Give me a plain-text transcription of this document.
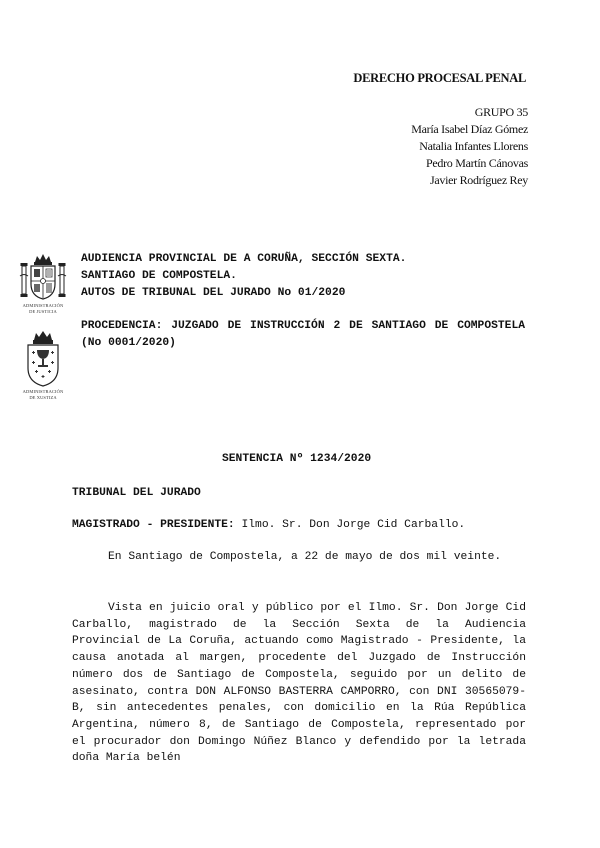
DERECHO PROCESAL PENAL
GRUPO 35
María Isabel Díaz Gómez
Natalia Infantes Llorens
Pedro Martín Cánovas
Javier Rodríguez Rey
ADMINISTRACIÓN
DE JUSTICIA
ADMINISTRACIÓN
DE XUSTIZA
AUDIENCIA PROVINCIAL DE A CORUÑA, SECCIÓN SEXTA.
SANTIAGO DE COMPOSTELA.
AUTOS DE TRIBUNAL DEL JURADO No 01/2020
PROCEDENCIA: JUZGADO DE INSTRUCCIÓN 2 DE SANTIAGO DE COMPOSTELA (No 0001/2020)
SENTENCIA Nº 1234/2020
TRIBUNAL DEL JURADO
MAGISTRADO - PRESIDENTE: Ilmo. Sr. Don Jorge Cid Carballo.
En Santiago de Compostela, a 22 de mayo de dos mil veinte.
Vista en juicio oral y público por el Ilmo. Sr. Don Jorge Cid Carballo, magistrado de la Sección Sexta de la Audiencia Provincial de La Coruña, actuando como Magistrado - Presidente, la causa anotada al margen, procedente del Juzgado de Instrucción número dos de Santiago de Compostela, seguido por un delito de asesinato, contra DON ALFONSO BASTERRA CAMPORRO, con DNI 30565079-B, sin antecedentes penales, con domicilio en la Rúa República Argentina, número 8, de Santiago de Compostela, representado por el procurador don Domingo Núñez Blanco y defendido por la letrada doña María belén
